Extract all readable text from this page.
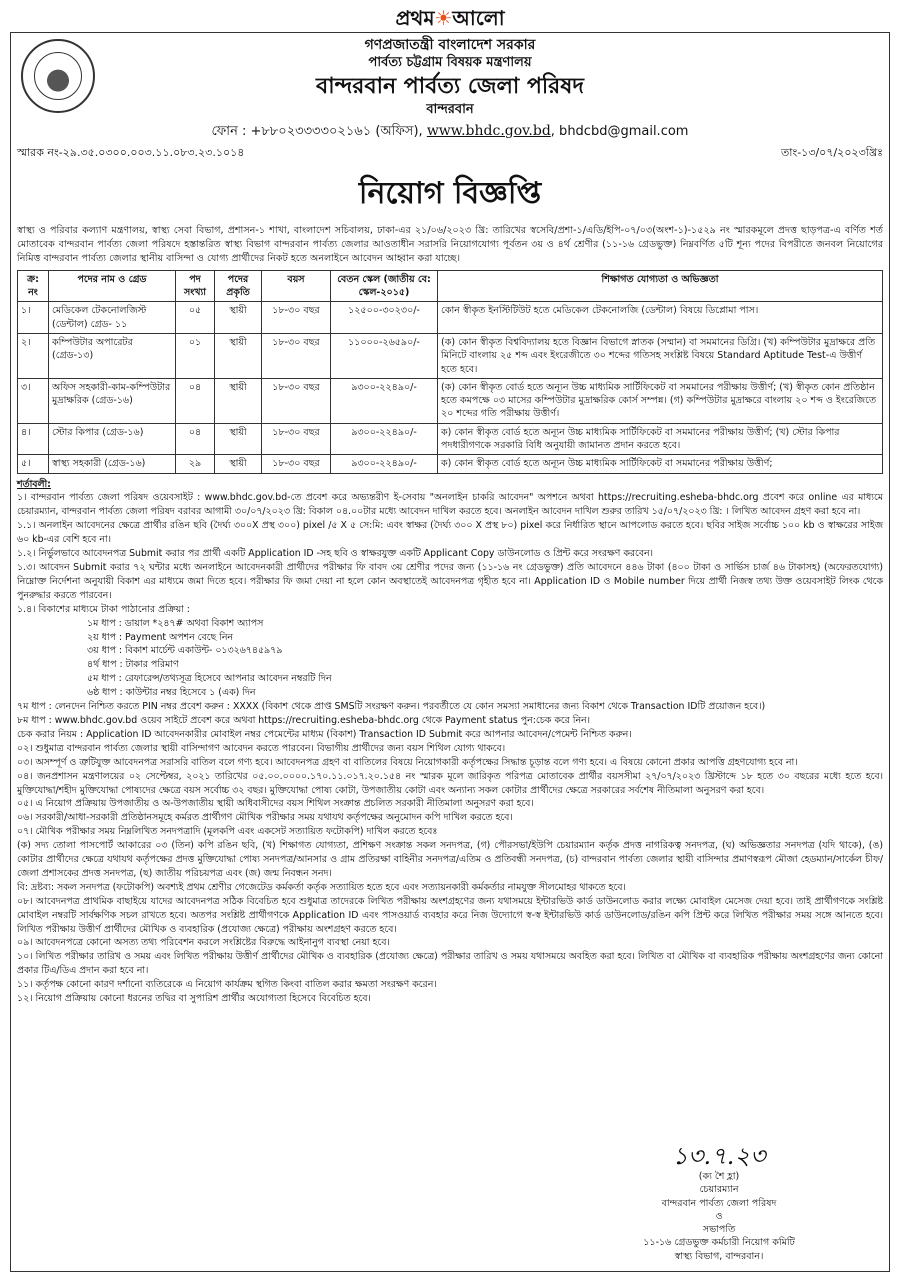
প্রথম☀আলো
গণপ্রজাতন্ত্রী বাংলাদেশ সরকার
পার্বত্য চট্টগ্রাম বিষয়ক মন্ত্রণালয়
বান্দরবান পার্বত্য জেলা পরিষদ
বান্দরবান
ফোন : +৮৮০২৩৩৩৩০২১৬১ (অফিস), www.bhdc.gov.bd, bhdcbd@gmail.com
স্মারক নং-২৯.৩৫.০৩০০.০০৩.১১.০৮৩.২৩.১০১৪	তাং-১৩/০৭/২০২৩খ্রিঃ
নিয়োগ বিজ্ঞপ্তি
স্বাস্থ্য ও পরিবার কল্যাণ মন্ত্রণালয়, স্বাস্থ্য সেবা বিভাগ, প্রশাসন-১ শাখা, বাংলাদেশ সচিবালয়, ঢাকা-এর ২১/০৬/২০২৩ খ্রি: তারিখের স্বসেবি/প্রশা-১/এডি/ইপি-০৭/০৩(অংশ-১)-১৫২৯ নং স্মারকমূলে প্রদত্ত ছাড়পত্র-এ বর্ণিত শর্ত মোতাবেক বান্দরবান পার্বত্য জেলা পরিষদে হস্তান্তরিত স্বাস্থ্য বিভাগ বান্দরবান পার্বত্য জেলার আওতাধীন সরাসরি নিয়োগযোগ্য পূর্বতন ৩য় ও ৪র্থ শ্রেণীর (১১-১৬ গ্রেডভুক্ত) নিম্নবর্ণিত ৫টি শূন্য পদের বিপরীতে জনবল নিয়োগের নিমিত্ত বান্দরবান পার্বত্য জেলার স্থানীয় বাসিন্দা ও যোগ্য প্রার্থীদের নিকট হতে অনলাইনে আবেদন আহ্বান করা যাচ্ছে।
ক্র: নং	পদের নাম ও গ্রেড	পদ সংখ্যা	পদের প্রকৃতি	বয়স	বেতন স্কেল (জাতীয় বে: স্কেল-২০১৫)	শিক্ষাগত যোগ্যতা ও অভিজ্ঞতা
১।	মেডিকেল টেকনোলজিস্ট (ডেন্টাল) গ্রেড- ১১	০৫	স্থায়ী	১৮-৩০ বছর	১২৫০০-৩০২৩০/-	কোন স্বীকৃত ইনস্টিটিউট হতে মেডিকেল টেকনোলজি (ডেন্টাল) বিষয়ে ডিপ্লোমা পাস।
২।	কম্পিউটার অপারেটর (গ্রেড-১৩)	০১	স্থায়ী	১৮-৩০ বছর	১১০০০-২৬৫৯০/-	(ক) কোন স্বীকৃত বিশ্ববিদ্যালয় হতে বিজ্ঞান বিভাগে স্নাতক (সম্মান) বা সমমানের ডিগ্রি। (খ) কম্পিউটার মুদ্রাক্ষরে প্রতি মিনিটে বাংলায় ২৫ শব্দ এবং ইংরেজীতে ৩০ শব্দের গতিসহ সংশ্লিষ্ট বিষয়ে Standard Aptitude Test-এ উত্তীর্ণ হতে হবে।
৩।	অফিস সহকারী-কাম-কম্পিউটার মুদ্রাক্ষরিক (গ্রেড-১৬)	০৪	স্থায়ী	১৮-৩০ বছর	৯৩০০-২২৪৯০/-	(ক) কোন স্বীকৃত বোর্ড হতে অন্যূন উচ্চ মাধ্যমিক সার্টিফিকেট বা সমমানের পরীক্ষায় উত্তীর্ণ; (খ) স্বীকৃত কোন প্রতিষ্ঠান হতে কমপক্ষে ০৩ মাসের কম্পিউটার মুদ্রাক্ষরিক কোর্স সম্পন্ন। (গ) কম্পিউটার মুদ্রাক্ষরে বাংলায় ২০ শব্দ ও ইংরেজিতে ২০ শব্দের গতি পরীক্ষায় উত্তীর্ণ।
৪।	স্টোর কিপার (গ্রেড-১৬)	০৪	স্থায়ী	১৮-৩০ বছর	৯৩০০-২২৪৯০/-	ক) কোন স্বীকৃত বোর্ড হতে অন্যূন উচ্চ মাধ্যমিক সার্টিফিকেট বা সমমানের পরীক্ষায় উত্তীর্ণ; (খ) স্টোর কিপার পদধারীগণকে সরকারি বিধি অনুযায়ী জামানত প্রদান করতে হবে।
৫।	স্বাস্থ্য সহকারী (গ্রেড-১৬)	২৯	স্থায়ী	১৮-৩০ বছর	৯৩০০-২২৪৯০/-	ক) কোন স্বীকৃত বোর্ড হতে অন্যূন উচ্চ মাধ্যমিক সার্টিফিকেট বা সমমানের পরীক্ষায় উত্তীর্ণ;

শর্তাবলী:

১। বান্দরবান পার্বত্য জেলা পরিষদ ওয়েবসাইট : www.bhdc.gov.bd-তে প্রবেশ করে অভ্যন্তরীণ ই-সেবায় "অনলাইন চাকরি আবেদন" অপশনে অথবা https://recruiting.esheba-bhdc.org প্রবেশ করে online এর মাধ্যমে চেয়ারম্যান, বান্দরবান পার্বত্য জেলা পরিষদ বরাবর আগামী ৩০/০৭/২০২৩ খ্রি: বিকাল ০৪.০০টার মধ্যে আবেদন দাখিল করতে হবে। অনলাইন আবেদন দাখিল শুরুর তারিখ ১৫/০৭/২০২৩ খ্রি: । লিখিত আবেদন গ্রহণ করা হবে না।

১.১। অনলাইন আবেদনের ক্ষেত্রে প্রার্থীর রঙিন ছবি (দৈর্ঘ্য ৩০০X প্রস্থ ৩০০) pixel /৫ X ৫ সে:মি: এবং স্বাক্ষর (দৈর্ঘ্য ৩০০ X প্রস্থ ৮০) pixel করে নির্ধারিত স্থানে আপলোড করতে হবে। ছবির সাইজ সর্বোচ্চ ১০০ kb ও স্বাক্ষরের সাইজ ৬০ kb-এর বেশি হবে না।

১.২। নির্ভুলভাবে আবেদনপত্র Submit করার পর প্রার্থী একটি Application ID -সহ ছবি ও স্বাক্ষরযুক্ত একটি Applicant Copy ডাউনলোড ও প্রিন্ট করে সংরক্ষণ করবেন।

১.৩। আবেদন Submit করার ৭২ ঘন্টার মধ্যে অনলাইনে আবেদনকারী প্রার্থীদের পরীক্ষার ফি বাবদ ৩য় শ্রেণীর পদের জন্য (১১-১৬ নং গ্রেডভুক্ত) প্রতি আবেদনে ৪৪৬ টাকা (৪০০ টাকা ও সার্ভিস চার্জ ৪৬ টাকাসহ) (অফেরতযোগ্য) নিম্নোক্ত নির্দেশনা অনুযায়ী বিকাশ এর মাধ্যমে জমা দিতে হবে। পরীক্ষার ফি জমা দেয়া না হলে কোন অবস্থাতেই আবেদনপত্র গৃহীত হবে না। Application ID ও Mobile number দিয়ে প্রার্থী নিজস্ব তথ্য উক্ত ওয়েবসাইট লিংক থেকে পুনরুদ্ধার করতে পারবেন।

১.৪। বিকাশের মাধ্যমে টাকা পাঠানোর প্রক্রিয়া :

১ম ধাপ : ডায়াল *২৪৭# অথবা বিকাশ অ্যাপস

২য় ধাপ : Payment অপশন বেছে নিন

৩য় ধাপ : বিকাশ মার্চেন্ট একাউন্ট- ০১৩২৬৭৪৫৯৭৯

৪র্থ ধাপ : টাকার পরিমাণ

৫ম ধাপ : রেফারেন্স/তথ্যসূত্র হিসেবে আপনার আবেদন নম্বরটি দিন

৬ষ্ঠ ধাপ : কাউন্টার নম্বর হিসেবে ১ (এক) দিন

৭ম ধাপ : লেনদেন নিশ্চিত করতে PIN নম্বর প্রবেশ করুন : XXXX (বিকাশ থেকে প্রাপ্ত SMSটি সংরক্ষণ করুন। পরবর্তীতে যে কোন সমস্যা সমাধানের জন্য বিকাশ থেকে Transaction IDটি প্রয়োজন হবে।)

৮ম ধাপ : www.bhdc.gov.bd ওয়েব সাইটে প্রবেশ করে অথবা https://recruiting.esheba-bhdc.org থেকে Payment status পুন:চেক করে নিন।

চেক করার নিয়ম : Application ID আবেদনকারীর মোবাইল নম্বর পেমেন্টের মাধ্যম (বিকাশ) Transaction ID Submit করে আপনার আবেদন/পেমেন্ট নিশ্চিত করুন।

০২। শুধুমাত্র বান্দরবান পার্বত্য জেলার স্থায়ী বাসিন্দাগণ আবেদন করতে পারবেন। বিভাগীয় প্রার্থীদের জন্য বয়স শিথিল যোগ্য থাকবে।

০৩। অসম্পূর্ণ ও ত্রুটিযুক্ত আবেদনপত্র সরাসরি বাতিল বলে গণ্য হবে। আবেদনপত্র গ্রহণ বা বাতিলের বিষয়ে নিয়োগকারী কর্তৃপক্ষের সিদ্ধান্ত চূড়ান্ত বলে গণ্য হবে। এ বিষয়ে কোনো প্রকার আপত্তি গ্রহণযোগ্য হবে না।

০৪। জনপ্রশাসন মন্ত্রণালয়ের ০২ সেপ্টেম্বর, ২০২১ তারিখের ০৫.০০.০০০০.১৭০.১১.০১৭.২০.১৫৪ নং স্মারক মূলে জারিকৃত পরিপত্র মোতাবেক প্রার্থীর বয়সসীমা ২৭/০৭/২০২৩ খ্রিস্টাব্দে ১৮ হতে ৩০ বছরের মধ্যে হতে হবে। মুক্তিযোদ্ধা/শহীদ মুক্তিযোদ্ধা পোষ্যদের ক্ষেত্রে বয়স সর্বোচ্চ ৩২ বছর। মুক্তিযোদ্ধা পোষ্য কোটা, উপজাতীয় কোটা এবং অন্যান্য সকল কোটার প্রার্থীদের ক্ষেত্রে সরকারের সর্বশেষ নীতিমালা অনুসরণ করা হবে।

০৫। এ নিয়োগ প্রক্রিয়ায় উপজাতীয় ও অ-উপজাতীয় স্থায়ী অধিবাসীদের বয়স শিথিল সংক্রান্ত প্রচলিত সরকারী নীতিমালা অনুসরণ করা হবে।

০৬। সরকারী/আধা-সরকারী প্রতিষ্ঠানসমূহে কর্মরত প্রার্থীগণ মৌখিক পরীক্ষার সময় যথাযথ কর্তৃপক্ষের অনুমোদন কপি দাখিল করতে হবে।

০৭। মৌখিক পরীক্ষার সময় নিম্নলিখিত সনদপত্রাদি (মূলকপি এবং একসেট সত্যায়িত ফটোকপি) দাখিল করতে হবেঃ

(ক) সদ্য তোলা পাসপোর্ট আকারের ০৩ (তিন) কপি রঙিন ছবি, (খ) শিক্ষাগত যোগ্যতা, প্রশিক্ষণ সংক্রান্ত সকল সনদপত্র, (গ) পৌরসভা/ইউপি চেয়ারম্যান কর্তৃক প্রদত্ত নাগরিকত্ব সনদপত্র, (ঘ) অভিজ্ঞতার সনদপত্র (যদি থাকে), (ঙ) কোটার প্রার্থীদের ক্ষেত্রে যথাযথ কর্তৃপক্ষের প্রদত্ত মুক্তিযোদ্ধা পোষ্য সনদপত্র/আনসার ও গ্রাম প্রতিরক্ষা বাহিনীর সনদপত্র/এতিম ও প্রতিবন্ধী সনদপত্র, (চ) বান্দরবান পার্বত্য জেলার স্থায়ী বাসিন্দার প্রমাণস্বরূপ মৌজা হেডম্যান/সার্কেল চীফ/জেলা প্রশাসকের প্রদত্ত সনদপত্র, (ছ) জাতীয় পরিচয়পত্র এবং (জ) জন্ম নিবন্ধন সনদ।

বি: দ্রষ্টব্য: সকল সনদপত্র (ফটোকপি) অবশ্যই প্রথম শ্রেণীর গেজেটেড কর্মকর্তা কর্তৃক সত্যায়িত হতে হবে এবং সত্যায়নকারী কর্মকর্তার নামযুক্ত সীলমোহর থাকতে হবে।

০৮। আবেদনপত্র প্রাথমিক বাছাইয়ে যাদের আবেদনপত্র সঠিক বিবেচিত হবে শুধুমাত্র তাদেরকে লিখিত পরীক্ষায় অংশগ্রহণের জন্য যথাসময়ে ইন্টারভিউ কার্ড ডাউনলোড করার লক্ষ্যে মোবাইল মেসেজ দেয়া হবে। তাই প্রার্থীগণকে সংশ্লিষ্ট মোবাইল নম্বরটি সার্বক্ষণিক সচল রাখতে হবে। অতপর সংশ্লিষ্ট প্রার্থীগণকে Application ID এবং পাসওয়ার্ড ব্যবহার করে নিজ উদ্যোগে স্ব-স্ব ইন্টারভিউ কার্ড ডাউনলোড/রঙিন কপি প্রিন্ট করে লিখিত পরীক্ষার সময় সঙ্গে আনতে হবে। লিখিত পরীক্ষায় উত্তীর্ণ প্রার্থীদের মৌখিক ও ব্যবহারিক (প্রযোজ্য ক্ষেত্রে) পরীক্ষায় অংশগ্রহণ করতে হবে।

০৯। আবেদনপত্রে কোনো অসত্য তথ্য পরিবেশন করলে সংশ্লিষ্টের বিরুদ্ধে আইনানুগ ব্যবস্থা নেয়া হবে।

১০। লিখিত পরীক্ষার তারিখ ও সময় এবং লিখিত পরীক্ষায় উত্তীর্ণ প্রার্থীদের মৌখিক ও ব্যবহারিক (প্রযোজ্য ক্ষেত্রে) পরীক্ষার তারিখ ও সময় যথাসময়ে অবহিত করা হবে। লিখিত বা মৌখিক বা ব্যবহারিক পরীক্ষায় অংশগ্রহণের জন্য কোনো প্রকার টিএ/ডিএ প্রদান করা হবে না।

১১। কর্তৃপক্ষ কোনো কারণ দর্শানো ব্যতিরেকে এ নিয়োগ কার্যক্রম স্থগিত কিংবা বাতিল করার ক্ষমতা সংরক্ষণ করেন।

১২। নিয়োগ প্রক্রিয়ায় কোনো ধরনের তদ্বির বা সুপারিশ প্রার্থীর অযোগ্যতা হিসেবে বিবেচিত হবে।

১৩.৭.২৩
(ক্য শৈ হ্লা)
চেয়ারম্যান
বান্দরবান পার্বত্য জেলা পরিষদ
ও
সভাপতি
১১-১৬ গ্রেডভুক্ত কর্মচারী নিয়োগ কমিটি
স্বাস্থ্য বিভাগ, বান্দরবান।
